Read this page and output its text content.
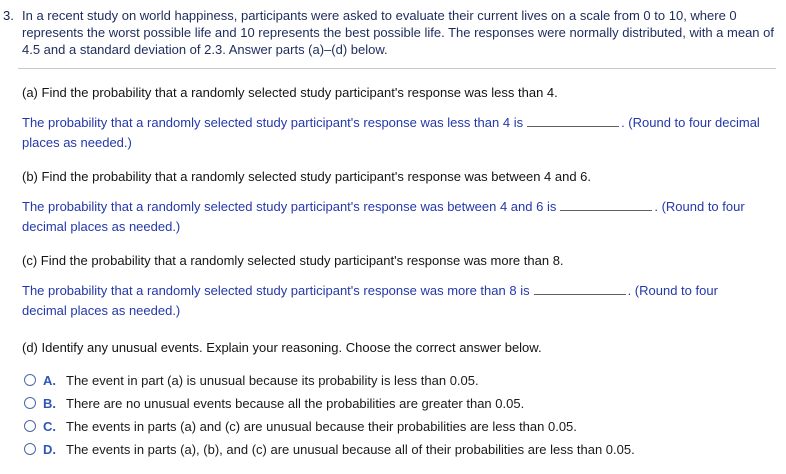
3. In a recent study on world happiness, participants were asked to evaluate their current lives on a scale from 0 to 10, where 0 represents the worst possible life and 10 represents the best possible life. The responses were normally distributed, with a mean of 4.5 and a standard deviation of 2.3. Answer parts (a)–(d) below.

(a) Find the probability that a randomly selected study participant's response was less than 4.

The probability that a randomly selected study participant's response was less than 4 is	. (Round to four decimal places as needed.)

(b) Find the probability that a randomly selected study participant's response was between 4 and 6.

The probability that a randomly selected study participant's response was between 4 and 6 is	. (Round to four decimal places as needed.)

(c) Find the probability that a randomly selected study participant's response was more than 8.

The probability that a randomly selected study participant's response was more than 8 is	. (Round to four decimal places as needed.)

(d) Identify any unusual events. Explain your reasoning. Choose the correct answer below.

A. The event in part (a) is unusual because its probability is less than 0.05.
B. There are no unusual events because all the probabilities are greater than 0.05.
C. The events in parts (a) and (c) are unusual because their probabilities are less than 0.05.
D. The events in parts (a), (b), and (c) are unusual because all of their probabilities are less than 0.05.
